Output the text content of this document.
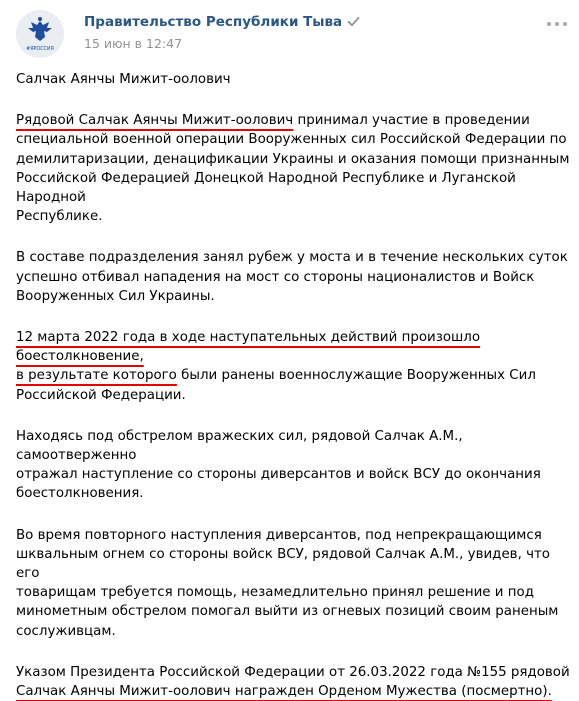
#ЯРОССИЯ
Правительство Республики Тыва
15 июн в 12:47

Салчак Аянчы Мижит-оолович

Рядовой Салчак Аянчы Мижит-оолович принимал участие в проведении
специальной военной операции Вооруженных сил Российской Федерации по
демилитаризации, денацификации Украины и оказания помощи признанным
Российской Федерацией Донецкой Народной Республике и Луганской Народной
Республике.

В составе подразделения занял рубеж у моста и в течение нескольких суток
успешно отбивал нападения на мост со стороны националистов и Войск
Вооруженных Сил Украины.

12 марта 2022 года в ходе наступательных действий произошло боестолкновение,
в результате которого были ранены военнослужащие Вооруженных Сил
Российской Федерации.

Находясь под обстрелом вражеских сил, рядовой Салчак А.М., самоотверженно
отражал наступление со стороны диверсантов и войск ВСУ до окончания
боестолкновения.

Во время повторного наступления диверсантов, под непрекращающимся
шквальным огнем со стороны войск ВСУ, рядовой Салчак А.М., увидев, что его
товарищам требуется помощь, незамедлительно принял решение и под
минометным обстрелом помогал выйти из огневых позиций своим раненым
сослуживцам.

Указом Президента Российской Федерации от 26.03.2022 года №155 рядовой
Салчак Аянчы Мижит-оолович награжден Орденом Мужества (посмертно).
